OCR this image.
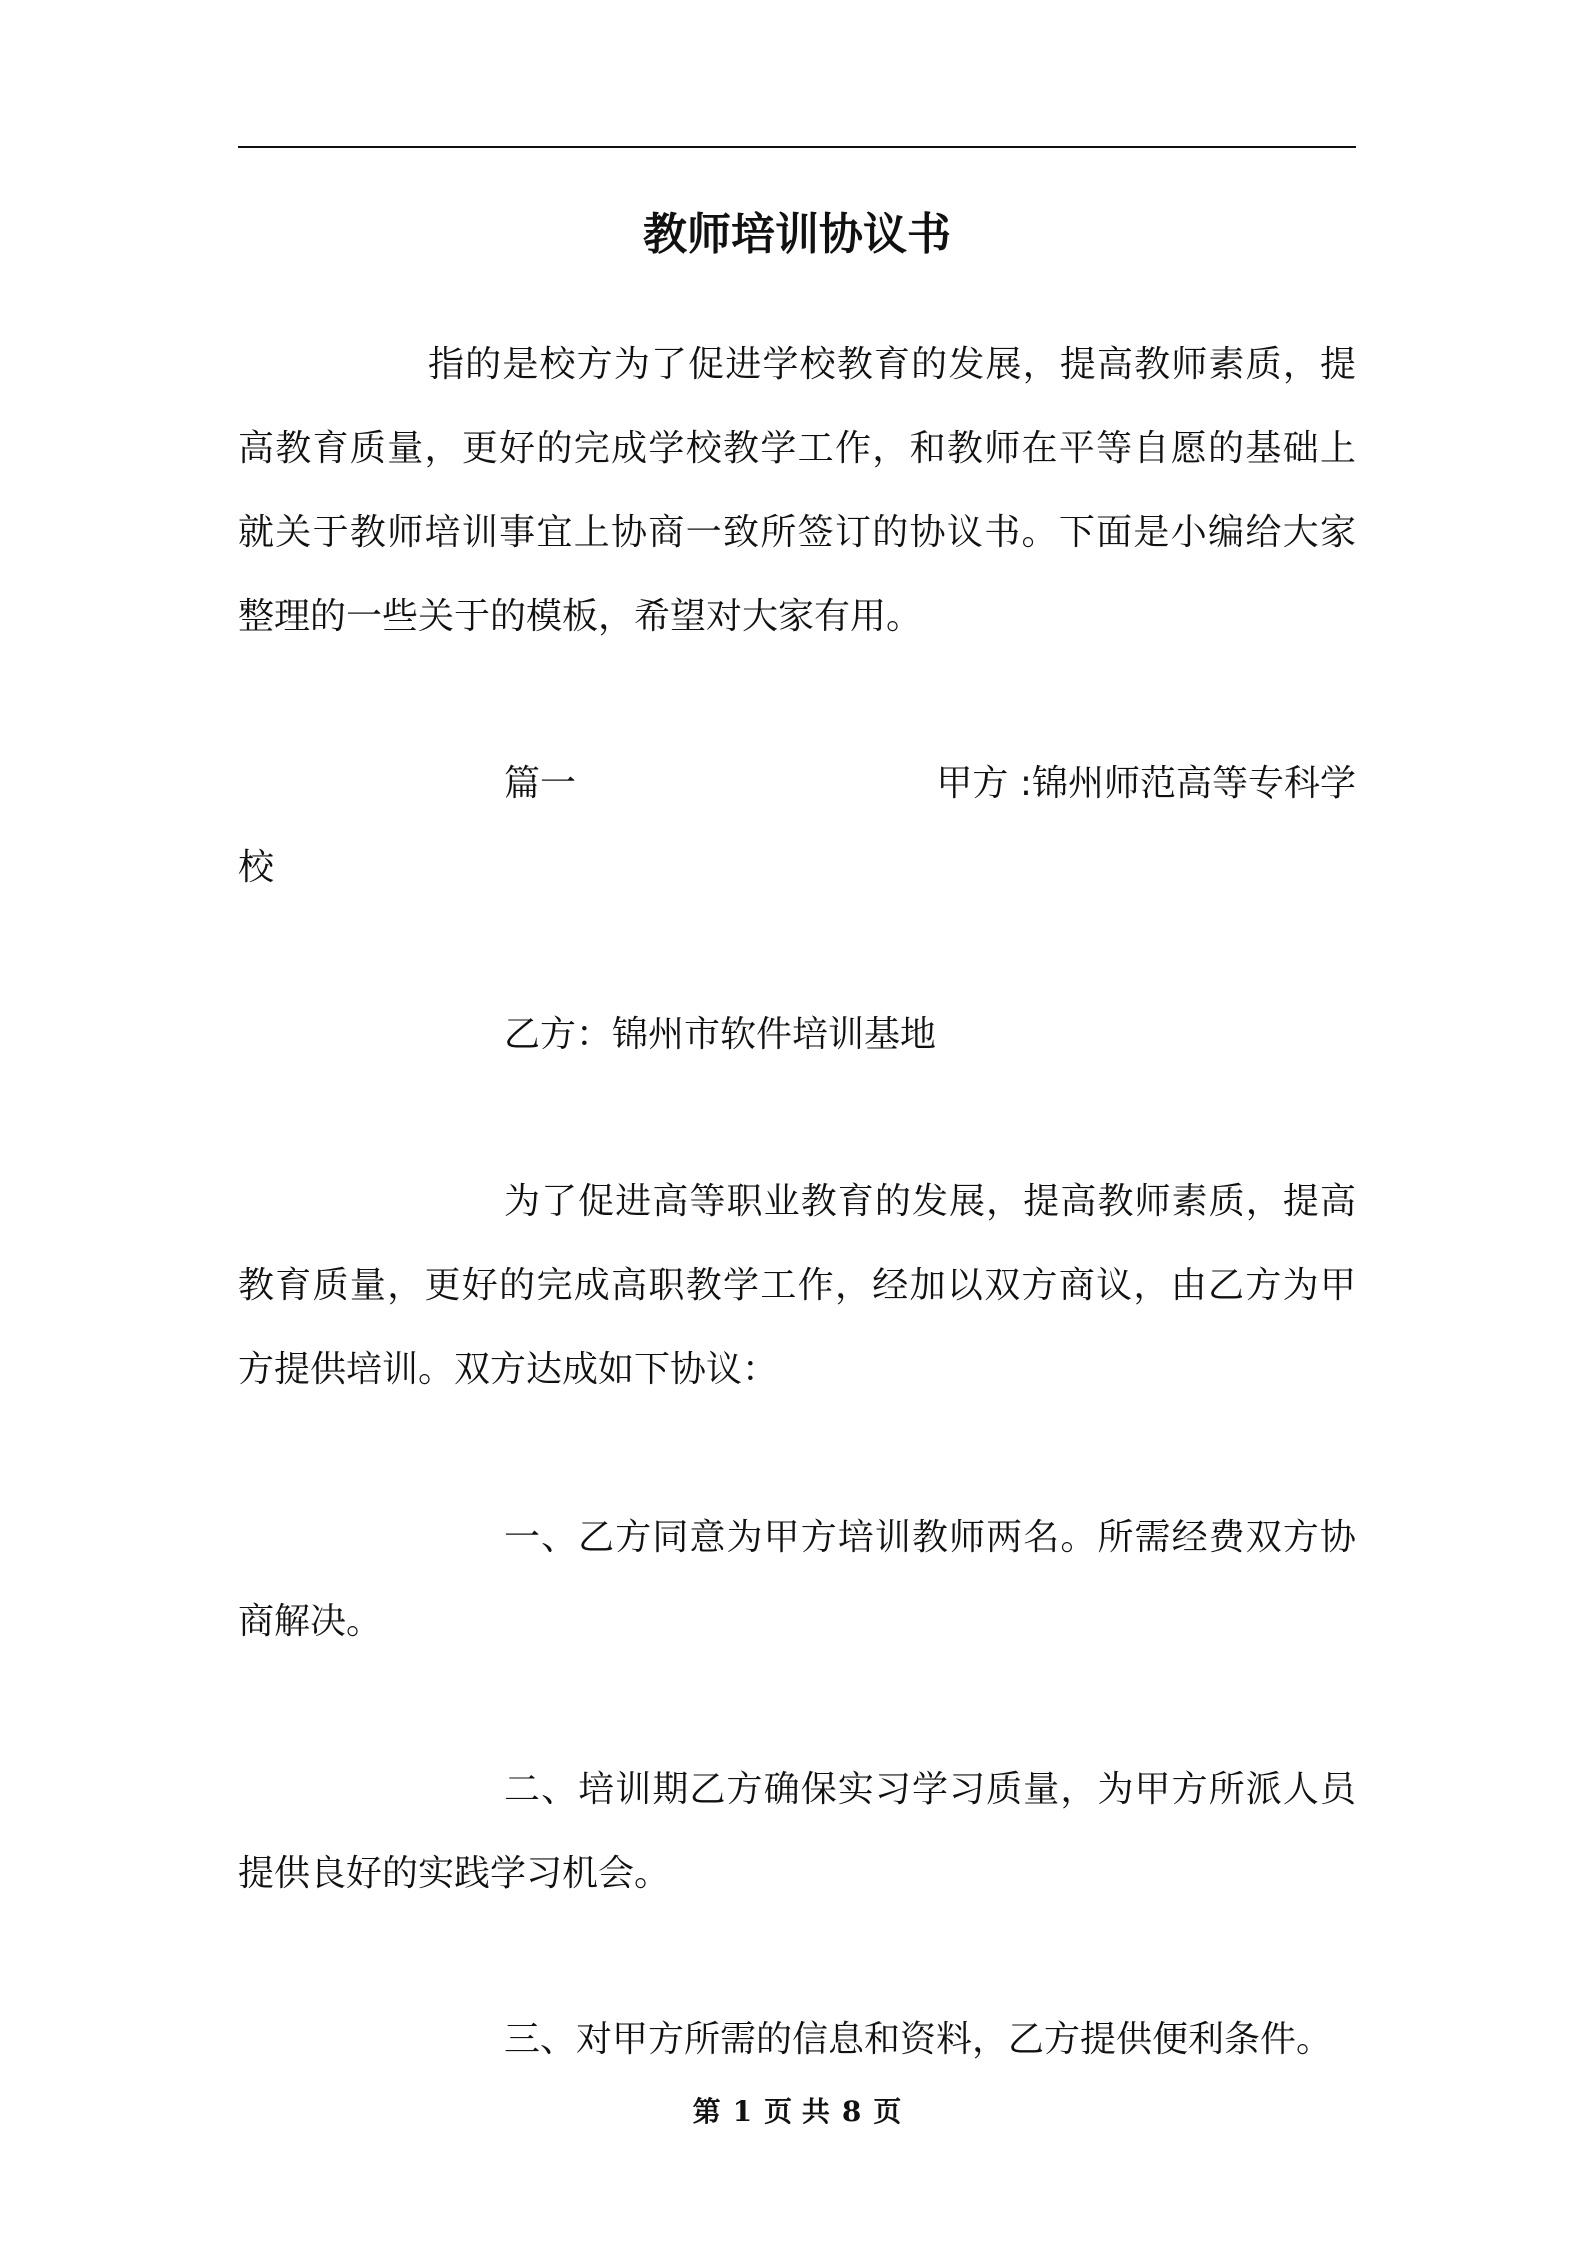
教师培训协议书
指的是校方为了促进学校教育的发展，提高教师素质，提
高教育质量，更好的完成学校教学工作，和教师在平等自愿的基础上
就关于教师培训事宜上协商一致所签订的协议书。下面是小编给大家
整理的一些关于的模板，希望对大家有用。
篇一	甲方 :锦州师范高等专科学
校
乙方：锦州市软件培训基地
为了促进高等职业教育的发展，提高教师素质，提高
教育质量，更好的完成高职教学工作，经加以双方商议，由乙方为甲
方提供培训。双方达成如下协议：
一、乙方同意为甲方培训教师两名。所需经费双方协
商解决。
二、培训期乙方确保实习学习质量，为甲方所派人员
提供良好的实践学习机会。
三、对甲方所需的信息和资料，乙方提供便利条件。
第 1 页 共 8 页
